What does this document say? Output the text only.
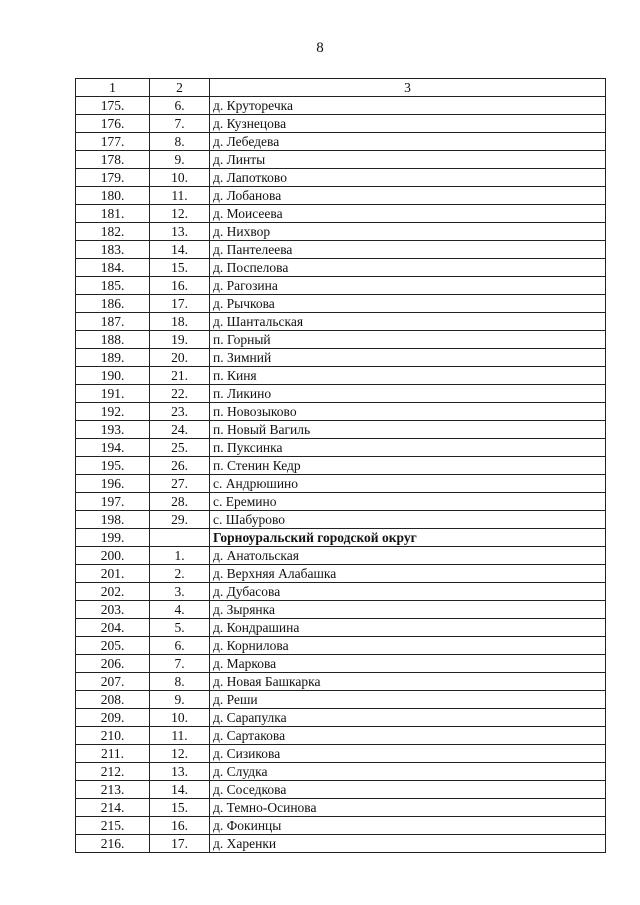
8
1	2	3
175.	6.	д. Круторечка
176.	7.	д. Кузнецова
177.	8.	д. Лебедева
178.	9.	д. Линты
179.	10.	д. Лапотково
180.	11.	д. Лобанова
181.	12.	д. Моисеева
182.	13.	д. Нихвор
183.	14.	д. Пантелеева
184.	15.	д. Поспелова
185.	16.	д. Рагозина
186.	17.	д. Рычкова
187.	18.	д. Шантальская
188.	19.	п. Горный
189.	20.	п. Зимний
190.	21.	п. Киня
191.	22.	п. Ликино
192.	23.	п. Новозыково
193.	24.	п. Новый Вагиль
194.	25.	п. Пуксинка
195.	26.	п. Стенин Кедр
196.	27.	с. Андрюшино
197.	28.	с. Еремино
198.	29.	с. Шабурово
199.		Горноуральский городской округ
200.	1.	д. Анатольская
201.	2.	д. Верхняя Алабашка
202.	3.	д. Дубасова
203.	4.	д. Зырянка
204.	5.	д. Кондрашина
205.	6.	д. Корнилова
206.	7.	д. Маркова
207.	8.	д. Новая Башкарка
208.	9.	д. Реши
209.	10.	д. Сарапулка
210.	11.	д. Сартакова
211.	12.	д. Сизикова
212.	13.	д. Слудка
213.	14.	д. Соседкова
214.	15.	д. Темно-Осинова
215.	16.	д. Фокинцы
216.	17.	д. Харенки
